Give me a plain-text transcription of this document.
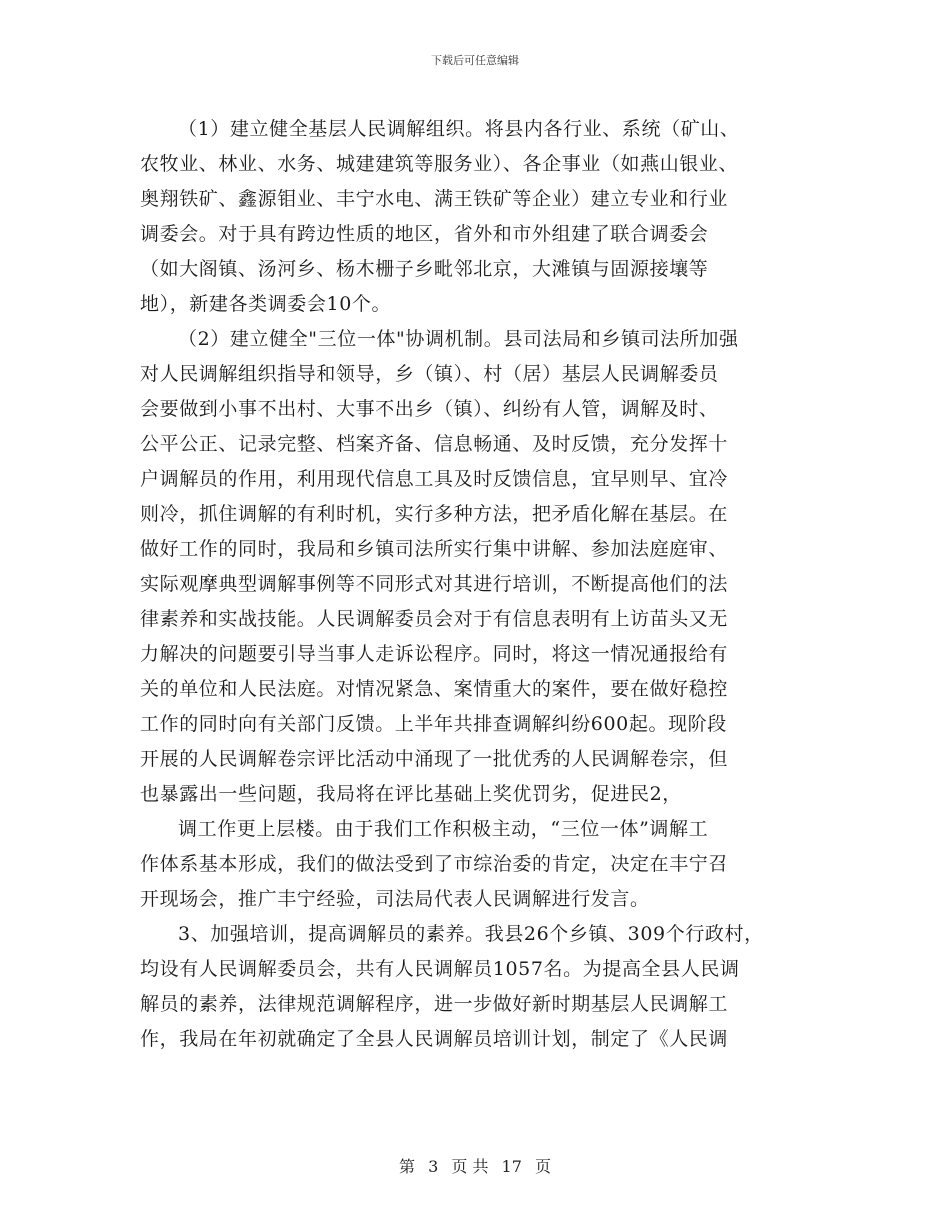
下载后可任意编辑
（1）建立健全基层人民调解组织。将县内各行业、系统（矿山、
农牧业、林业、水务、城建建筑等服务业）、各企事业（如燕山银业、
奥翔铁矿、鑫源钼业、丰宁水电、满王铁矿等企业）建立专业和行业
调委会。对于具有跨边性质的地区，省外和市外组建了联合调委会
（如大阁镇、汤河乡、杨木栅子乡毗邻北京，大滩镇与固源接壤等
地），新建各类调委会10个。
（2）建立健全"三位一体"协调机制。县司法局和乡镇司法所加强
对人民调解组织指导和领导，乡（镇）、村（居）基层人民调解委员
会要做到小事不出村、大事不出乡（镇）、纠纷有人管，调解及时、
公平公正、记录完整、档案齐备、信息畅通、及时反馈，充分发挥十
户调解员的作用，利用现代信息工具及时反馈信息，宜早则早、宜冷
则冷，抓住调解的有利时机，实行多种方法，把矛盾化解在基层。在
做好工作的同时，我局和乡镇司法所实行集中讲解、参加法庭庭审、
实际观摩典型调解事例等不同形式对其进行培训，不断提高他们的法
律素养和实战技能。人民调解委员会对于有信息表明有上访苗头又无
力解决的问题要引导当事人走诉讼程序。同时，将这一情况通报给有
关的单位和人民法庭。对情况紧急、案情重大的案件，要在做好稳控
工作的同时向有关部门反馈。上半年共排查调解纠纷600起。现阶段
开展的人民调解卷宗评比活动中涌现了一批优秀的人民调解卷宗，但
也暴露出一些问题，我局将在评比基础上奖优罚劣，促进民2，
调工作更上层楼。由于我们工作积极主动，“三位一体”调解工
作体系基本形成，我们的做法受到了市综治委的肯定，决定在丰宁召
开现场会，推广丰宁经验，司法局代表人民调解进行发言。
3、加强培训，提高调解员的素养。我县26个乡镇、309个行政村，
均设有人民调解委员会，共有人民调解员1057名。为提高全县人民调
解员的素养，法律规范调解程序，进一步做好新时期基层人民调解工
作，我局在年初就确定了全县人民调解员培训计划，制定了《人民调
第 3 页 共 17 页
